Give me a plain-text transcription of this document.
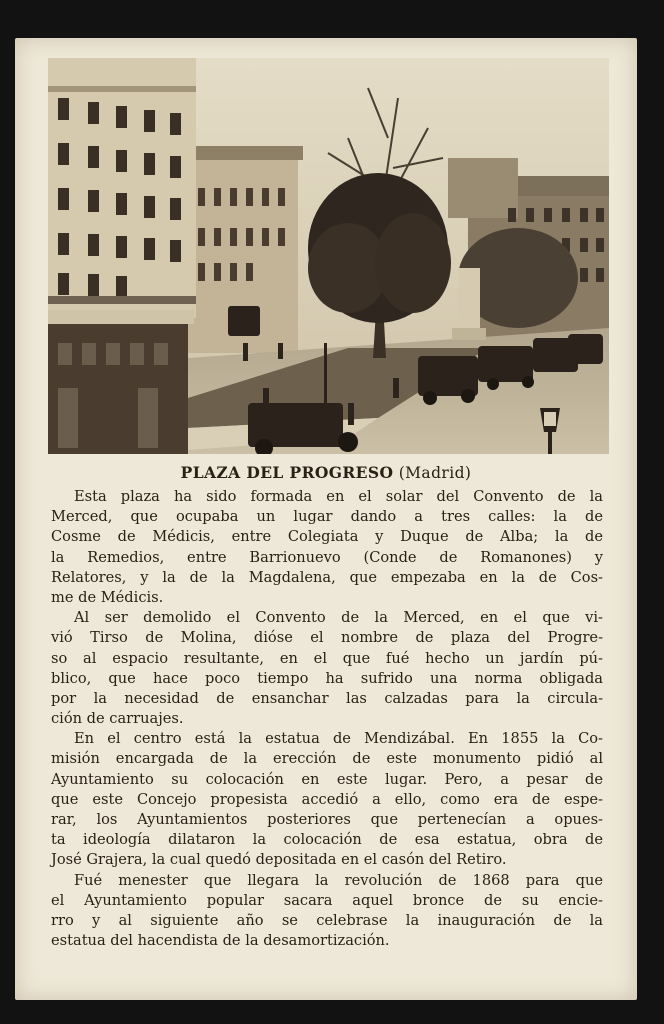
PLAZA DEL PROGRESO (Madrid)
Esta plaza ha sido formada en el solar del Convento de la
Merced, que ocupaba un lugar dando a tres calles: la de
Cosme de Médicis, entre Colegiata y Duque de Alba; la de
la Remedios, entre Barrionuevo (Conde de Romanones) y
Relatores, y la de la Magdalena, que empezaba en la de Cos-
me de Médicis.
Al ser demolido el Convento de la Merced, en el que vi-
vió Tirso de Molina, dióse el nombre de plaza del Progre-
so al espacio resultante, en el que fué hecho un jardín pú-
blico, que hace poco tiempo ha sufrido una norma obligada
por la necesidad de ensanchar las calzadas para la circula-
ción de carruajes.
En el centro está la estatua de Mendizábal. En 1855 la Co-
misión encargada de la erección de este monumento pidió al
Ayuntamiento su colocación en este lugar. Pero, a pesar de
que este Concejo propesista accedió a ello, como era de espe-
rar, los Ayuntamientos posteriores que pertenecían a opues-
ta ideología dilataron la colocación de esa estatua, obra de
José Grajera, la cual quedó depositada en el casón del Retiro.
Fué menester que llegara la revolución de 1868 para que
el Ayuntamiento popular sacara aquel bronce de su encie-
rro y al siguiente año se celebrase la inauguración de la
estatua del hacendista de la desamortización.
